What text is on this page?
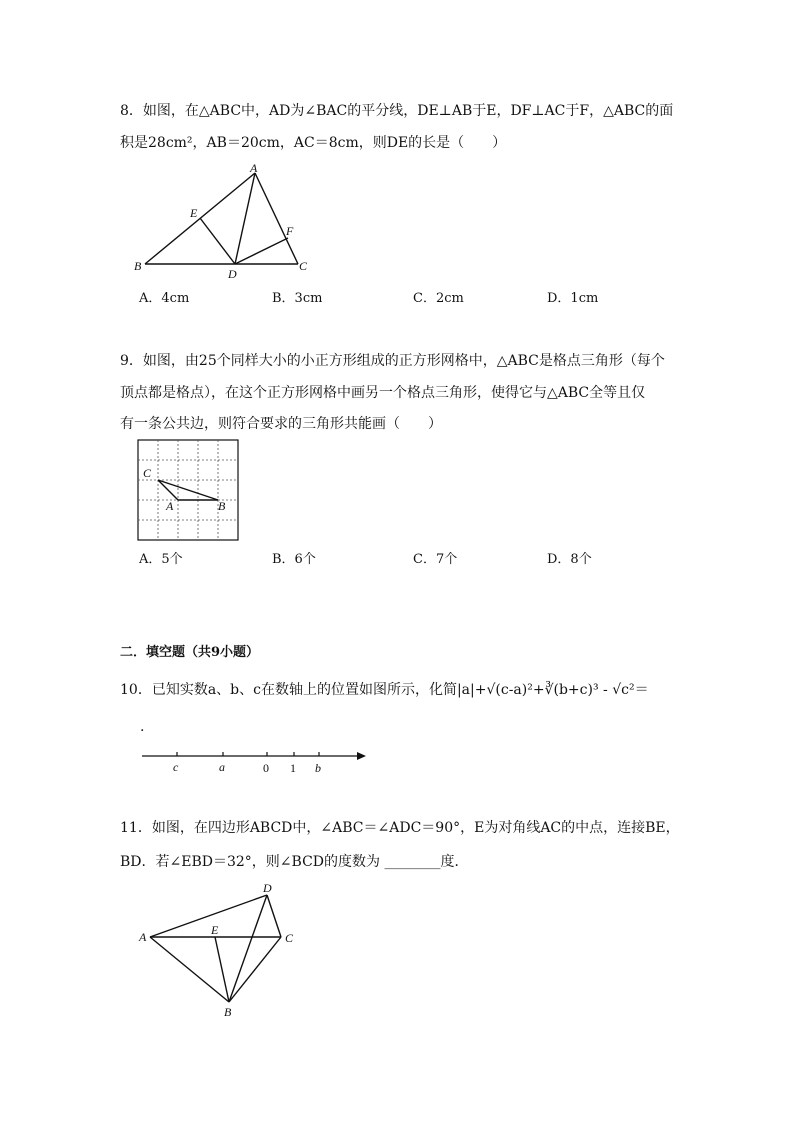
8．如图，在△ABC中，AD为∠BAC的平分线，DE⊥AB于E，DF⊥AC于F，△ABC的面
积是28cm²，AB＝20cm，AC＝8cm，则DE的长是（　　）
A
B	C
D
E
F
A．4cm	B．3cm	C．2cm	D．1cm
9．如图，由25个同样大小的小正方形组成的正方形网格中，△ABC是格点三角形（每个
顶点都是格点），在这个正方形网格中画另一个格点三角形，使得它与△ABC全等且仅
有一条公共边，则符合要求的三角形共能画（　　）
C
A	B
A．5个	B．6个	C．7个	D．8个
二．填空题（共9小题）
10．已知实数a、b、c在数轴上的位置如图所示，化简|a|+√(c-a)²+∛(b+c)³ - √c²＝
.
c	a	0 1 b
11．如图，在四边形ABCD中，∠ABC＝∠ADC＝90°，E为对角线AC的中点，连接BE，
BD．若∠EBD＝32°，则∠BCD的度数为 ________度．
D
A	C
E
B
